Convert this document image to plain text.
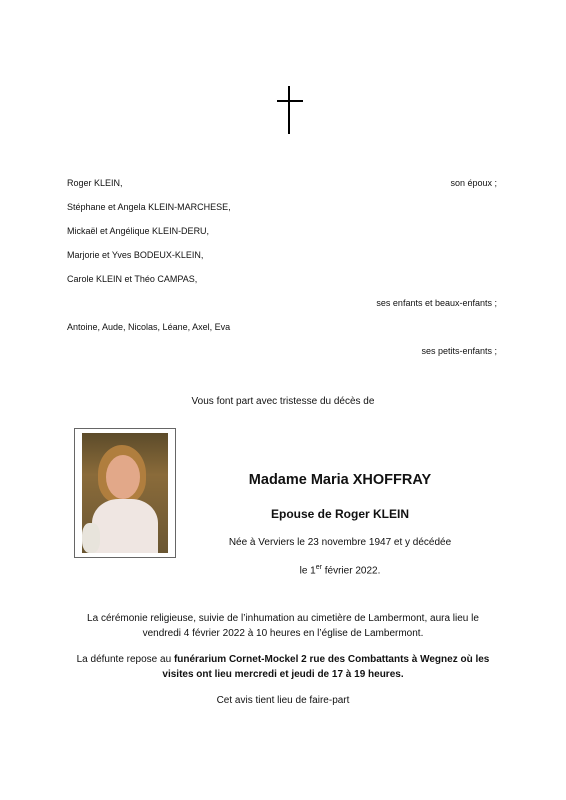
Roger KLEIN,	son époux ;
Stéphane et Angela KLEIN-MARCHESE,
Mickaël et Angélique KLEIN-DERU,
Marjorie et Yves BODEUX-KLEIN,
Carole KLEIN et Théo CAMPAS,
ses enfants et beaux-enfants ;
Antoine, Aude, Nicolas, Léane, Axel, Eva
ses petits-enfants ;
Vous font part avec tristesse du décès de
Madame Maria XHOFFRAY
Epouse de Roger KLEIN
Née à Verviers le 23 novembre 1947 et y décédée
le 1er février 2022.
La cérémonie religieuse, suivie de l’inhumation au cimetière de Lambermont, aura lieu le
vendredi 4 février 2022 à 10 heures en l’église de Lambermont.
La défunte repose au funérarium Cornet-Mockel 2 rue des Combattants à Wegnez où les
visites ont lieu mercredi et jeudi de 17 à 19 heures.
Cet avis tient lieu de faire-part
